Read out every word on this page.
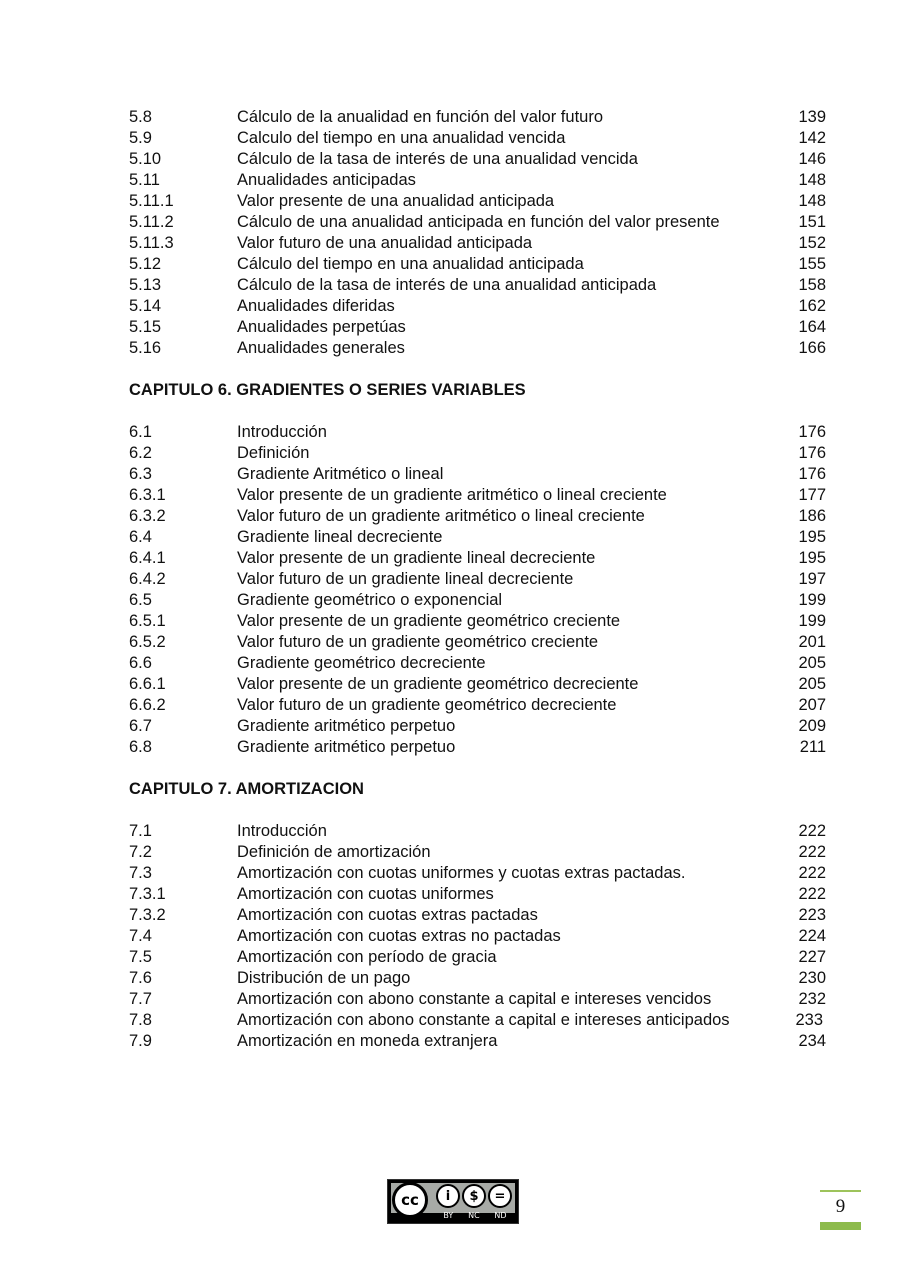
5.8	Cálculo de la anualidad en función del valor futuro	139
5.9	Calculo del tiempo en una anualidad vencida	142
5.10	Cálculo de la tasa de interés de una anualidad vencida	146
5.11	Anualidades anticipadas	148
5.11.1	Valor presente de una anualidad anticipada	148
5.11.2	Cálculo de una anualidad anticipada en función del valor presente	151
5.11.3	Valor futuro de una anualidad anticipada	152
5.12	Cálculo del tiempo en una anualidad anticipada	155
5.13	Cálculo de la tasa de interés de una anualidad anticipada	158
5.14	Anualidades diferidas	162
5.15	Anualidades perpetúas	164
5.16	Anualidades generales	166
CAPITULO 6. GRADIENTES O SERIES VARIABLES
6.1	Introducción	176
6.2	Definición	176
6.3	Gradiente Aritmético o lineal	176
6.3.1	Valor presente de un gradiente aritmético o lineal creciente	177
6.3.2	Valor futuro de un gradiente aritmético o lineal creciente	186
6.4	Gradiente lineal decreciente	195
6.4.1	Valor presente de un gradiente lineal decreciente	195
6.4.2	Valor futuro de un gradiente lineal decreciente	197
6.5	Gradiente geométrico o exponencial	199
6.5.1	Valor presente de un gradiente geométrico creciente	199
6.5.2	Valor futuro de un gradiente geométrico creciente	201
6.6	Gradiente geométrico decreciente	205
6.6.1	Valor presente de un gradiente geométrico decreciente	205
6.6.2	Valor futuro de un gradiente geométrico decreciente	207
6.7	Gradiente aritmético perpetuo	209
6.8	Gradiente aritmético perpetuo	211
CAPITULO 7. AMORTIZACION
7.1	Introducción	222
7.2	Definición de amortización	222
7.3	Amortización con cuotas uniformes y cuotas extras pactadas.	222
7.3.1	Amortización con cuotas uniformes	222
7.3.2	Amortización con cuotas extras pactadas	223
7.4	Amortización con cuotas extras no pactadas	224
7.5	Amortización con período de gracia	227
7.6	Distribución de un pago	230
7.7	Amortización con abono constante a capital e intereses vencidos	232
7.8	Amortización con abono constante a capital e intereses anticipados	233
7.9	Amortización en moneda extranjera	234
cc	i	$	=
BY NC ND	9
